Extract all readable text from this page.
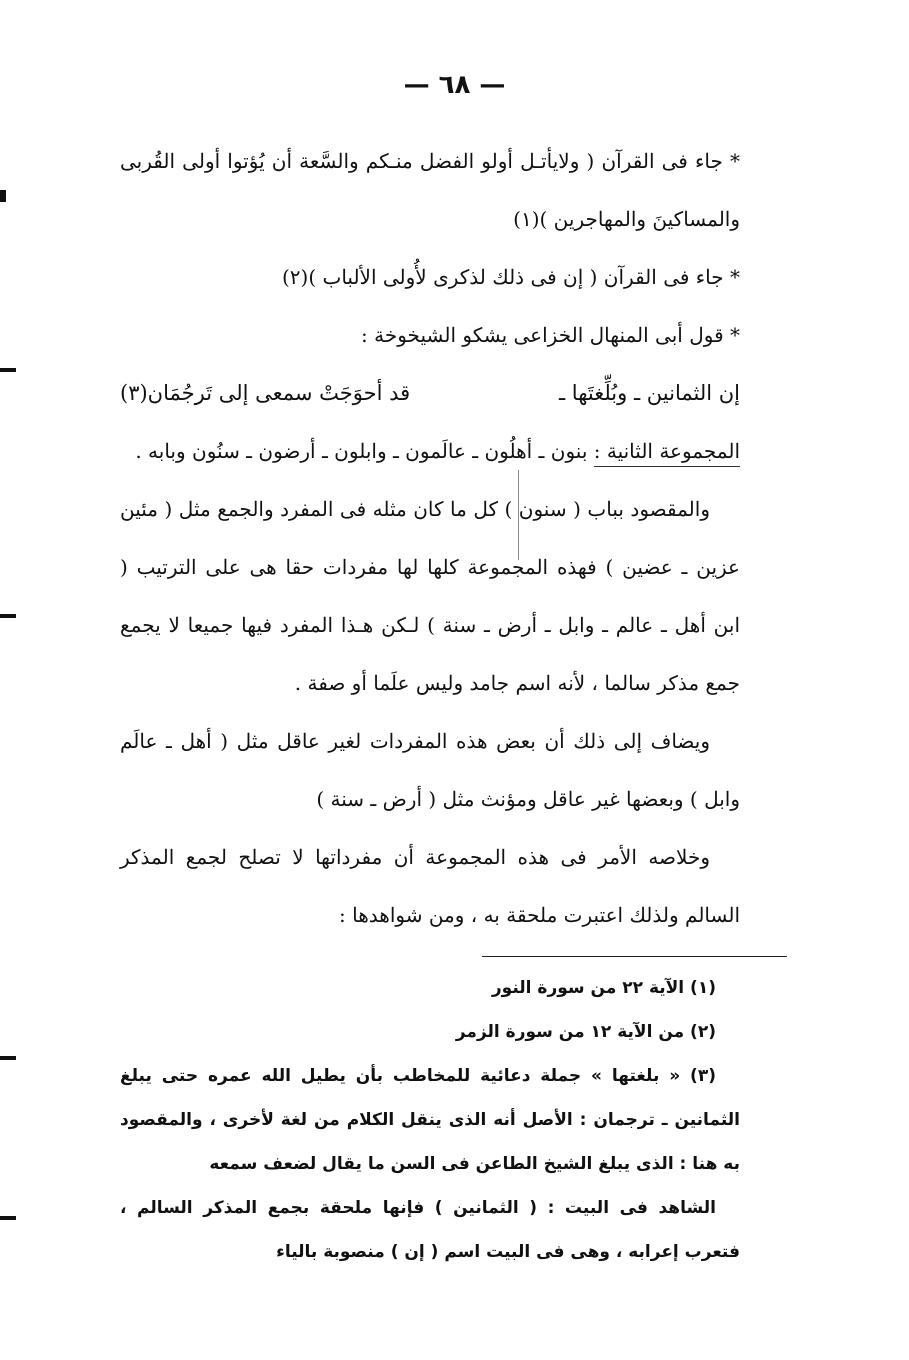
— ٦٨ —

* جاء فى القرآن ( ولايأتـل أولو الفضل منـكم والسَّعة أن يُؤتوا أولى القُربى والمساكينَ والمهاجرين )(١)

* جاء فى القرآن ( إن فى ذلك لذكرى لأُولى الألباب )(٢)

* قول أبى المنهال الخزاعى يشكو الشيخوخة :

إن الثمانين ـ وبُلِّغتَها ـ
قد أحوَجَتْ سمعى إلى تَرجُمَان(٣)

المجموعة الثانية : بنون ـ أهلُون ـ عالَمون ـ وابلون ـ أرضون ـ سنُون وبابه .

والمقصود بباب ( سنون ) كل ما كان مثله فى المفرد والجمع مثل ( مئين عزين ـ عضين ) فهذه المجموعة كلها لها مفردات حقا هى على الترتيب ( ابن أهل ـ عالم ـ وابل ـ أرض ـ سنة ) لـكن هـذا المفرد فيها جميعا لا يجمع جمع مذكر سالما ، لأنه اسم جامد وليس علَما أو صفة .

ويضاف إلى ذلك أن بعض هذه المفردات لغير عاقل مثل ( أهل ـ عالَم وابل ) وبعضها غير عاقل ومؤنث مثل ( أرض ـ سنة )

وخلاصه الأمر فى هذه المجموعة أن مفرداتها لا تصلح لجمع المذكر السالم ولذلك اعتبرت ملحقة به ، ومن شواهدها :

(١) الآية ٢٢ من سورة النور

(٢) من الآية ١٢ من سورة الزمر

(٣) « بلغتها » جملة دعائية للمخاطب بأن يطيل الله عمره حتى يبلغ الثمانين ـ ترجمان : الأصل أنه الذى ينقل الكلام من لغة لأخرى ، والمقصود به هنا : الذى يبلغ الشيخ الطاعن فى السن ما يقال لضعف سمعه

الشاهد فى البيت : ( الثمانين ) فإنها ملحقة بجمع المذكر السالم ، فتعرب إعرابه ، وهى فى البيت اسم ( إن ) منصوبة بالياء
